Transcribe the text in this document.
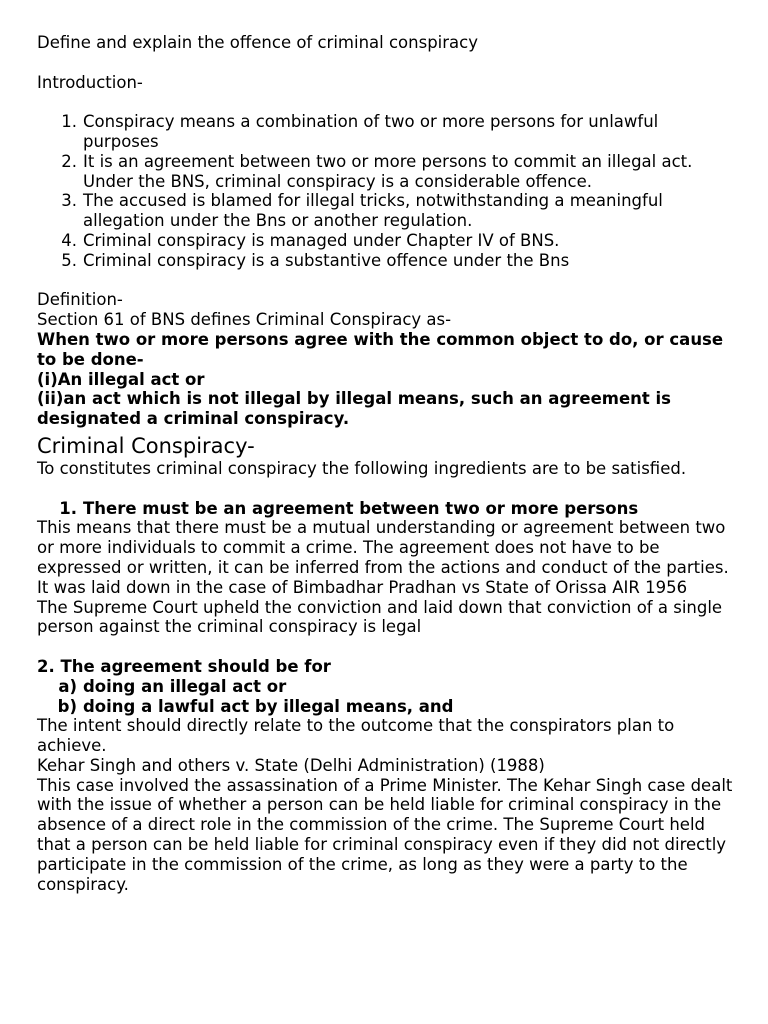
Define and explain the offence of criminal conspiracy

Introduction-

1. Conspiracy means a combination of two or more persons for unlawful purposes
2. It is an agreement between two or more persons to commit an illegal act. Under the BNS, criminal conspiracy is a considerable offence.
3. The accused is blamed for illegal tricks, notwithstanding a meaningful allegation under the Bns or another regulation.
4. Criminal conspiracy is managed under Chapter IV of BNS.
5. Criminal conspiracy is a substantive offence under the Bns

Definition-

Section 61 of BNS defines Criminal Conspiracy as-

When two or more persons agree with the common object to do, or cause to be done-

(i)An illegal act or

(ii)an act which is not illegal by illegal means, such an agreement is designated a criminal conspiracy.

Criminal Conspiracy-

To constitutes criminal conspiracy the following ingredients are to be satisfied.

1. There must be an agreement between two or more persons

This means that there must be a mutual understanding or agreement between two or more individuals to commit a crime. The agreement does not have to be expressed or written, it can be inferred from the actions and conduct of the parties.

It was laid down in the case of Bimbadhar Pradhan vs State of Orissa AIR 1956

The Supreme Court upheld the conviction and laid down that conviction of a single person against the criminal conspiracy is legal

2. The agreement should be for

a) doing an illegal act or
b) doing a lawful act by illegal means, and

The intent should directly relate to the outcome that the conspirators plan to achieve.

Kehar Singh and others v. State (Delhi Administration) (1988)

This case involved the assassination of a Prime Minister. The Kehar Singh case dealt with the issue of whether a person can be held liable for criminal conspiracy in the absence of a direct role in the commission of the crime. The Supreme Court held that a person can be held liable for criminal conspiracy even if they did not directly participate in the commission of the crime, as long as they were a party to the conspiracy.
